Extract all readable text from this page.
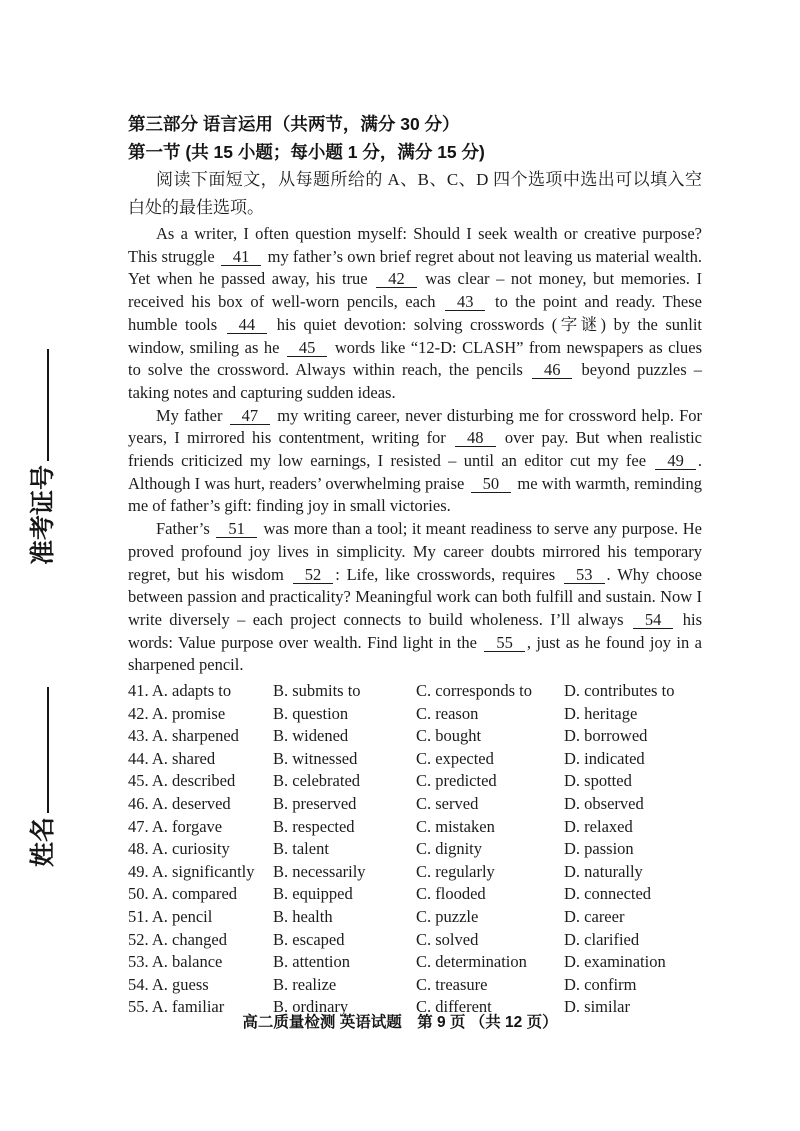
准考证号
姓名
第三部分 语言运用（共两节，满分 30 分）
第一节 (共 15 小题；每小题 1 分，满分 15 分)

阅读下面短文，从每题所给的 A、B、C、D 四个选项中选出可以填入空白处的最佳选项。

As a writer, I often question myself: Should I seek wealth or creative purpose? This struggle 41 my father’s own brief regret about not leaving us material wealth. Yet when he passed away, his true 42 was clear – not money, but memories. I received his box of well-worn pencils, each 43 to the point and ready. These humble tools 44 his quiet devotion: solving crosswords (字谜) by the sunlit window, smiling as he 45 words like “12-D: CLASH” from newspapers as clues to solve the crossword. Always within reach, the pencils 46 beyond puzzles – taking notes and capturing sudden ideas.

My father 47 my writing career, never disturbing me for crossword help. For years, I mirrored his contentment, writing for 48 over pay. But when realistic friends criticized my low earnings, I resisted – until an editor cut my fee 49 . Although I was hurt, readers’ overwhelming praise 50 me with warmth, reminding me of father’s gift: finding joy in small victories.

Father’s 51 was more than a tool; it meant readiness to serve any purpose. He proved profound joy lives in simplicity. My career doubts mirrored his temporary regret, but his wisdom 52 : Life, like crosswords, requires 53 . Why choose between passion and practicality? Meaningful work can both fulfill and sustain. Now I write diversely – each project connects to build wholeness. I’ll always 54 his words: Value purpose over wealth. Find light in the 55 , just as he found joy in a sharpened pencil.

41. A. adapts to	B. submits to	C. corresponds to	D. contributes to
42. A. promise	B. question	C. reason	D. heritage
43. A. sharpened	B. widened	C. bought	D. borrowed
44. A. shared	B. witnessed	C. expected	D. indicated
45. A. described	B. celebrated	C. predicted	D. spotted
46. A. deserved	B. preserved	C. served	D. observed
47. A. forgave	B. respected	C. mistaken	D. relaxed
48. A. curiosity	B. talent	C. dignity	D. passion
49. A. significantly	B. necessarily	C. regularly	D. naturally
50. A. compared	B. equipped	C. flooded	D. connected
51. A. pencil	B. health	C. puzzle	D. career
52. A. changed	B. escaped	C. solved	D. clarified
53. A. balance	B. attention	C. determination	D. examination
54. A. guess	B. realize	C. treasure	D. confirm
55. A. familiar	B. ordinary	C. different	D. similar
高二质量检测 英语试题　第 9 页 （共 12 页）
